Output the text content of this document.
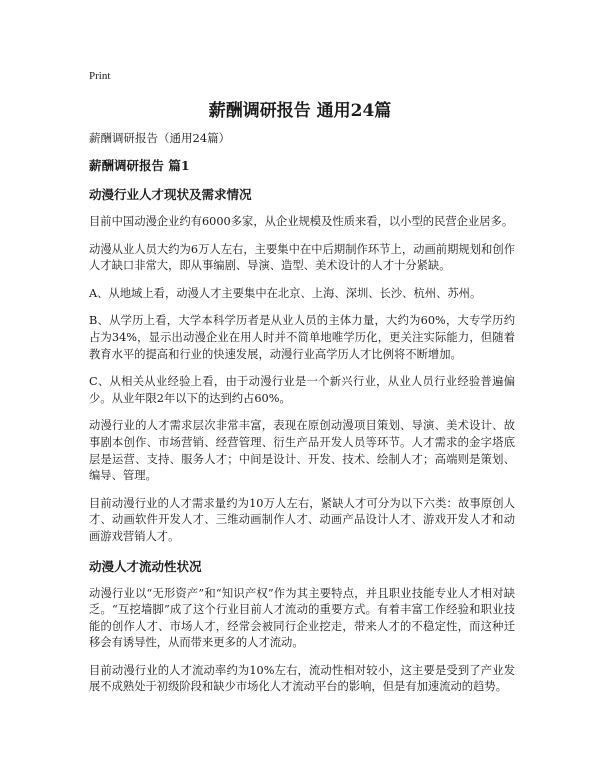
Print
薪酬调研报告 通用24篇

薪酬调研报告（通用24篇）

薪酬调研报告 篇1
动漫行业人才现状及需求情况

目前中国动漫企业约有6000多家，从企业规模及性质来看，以小型的民营企业居多。

动漫从业人员大约为6万人左右，主要集中在中后期制作环节上，动画前期规划和创作人才缺口非常大，即从事编剧、导演、造型、美术设计的人才十分紧缺。

A、从地域上看，动漫人才主要集中在北京、上海、深圳、长沙、杭州、苏州。

B、从学历上看，大学本科学历者是从业人员的主体力量，大约为60%，大专学历约占为34%，显示出动漫企业在用人时并不简单地唯学历化，更关注实际能力，但随着教育水平的提高和行业的快速发展，动漫行业高学历人才比例将不断增加。

C、从相关从业经验上看，由于动漫行业是一个新兴行业，从业人员行业经验普遍偏少。从业年限2年以下的达到约占60%。

动漫行业的人才需求层次非常丰富，表现在原创动漫项目策划、导演、美术设计、故事剧本创作、市场营销、经营管理、衍生产品开发人员等环节。人才需求的金字塔底层是运营、支持、服务人才；中间是设计、开发、技术、绘制人才；高端则是策划、编导、管理。

目前动漫行业的人才需求量约为10万人左右，紧缺人才可分为以下六类：故事原创人才、动画软件开发人才、三维动画制作人才、动画产品设计人才、游戏开发人才和动画游戏营销人才。

动漫人才流动性状况

动漫行业以“无形资产”和“知识产权”作为其主要特点，并且职业技能专业人才相对缺乏。“互挖墙脚”成了这个行业目前人才流动的重要方式。有着丰富工作经验和职业技能的创作人才、市场人才，经常会被同行企业挖走，带来人才的不稳定性，而这种迁移会有诱导性，从而带来更多的人才流动。

目前动漫行业的人才流动率约为10%左右，流动性相对较小，这主要是受到了产业发展不成熟处于初级阶段和缺少市场化人才流动平台的影响，但是有加速流动的趋势。
